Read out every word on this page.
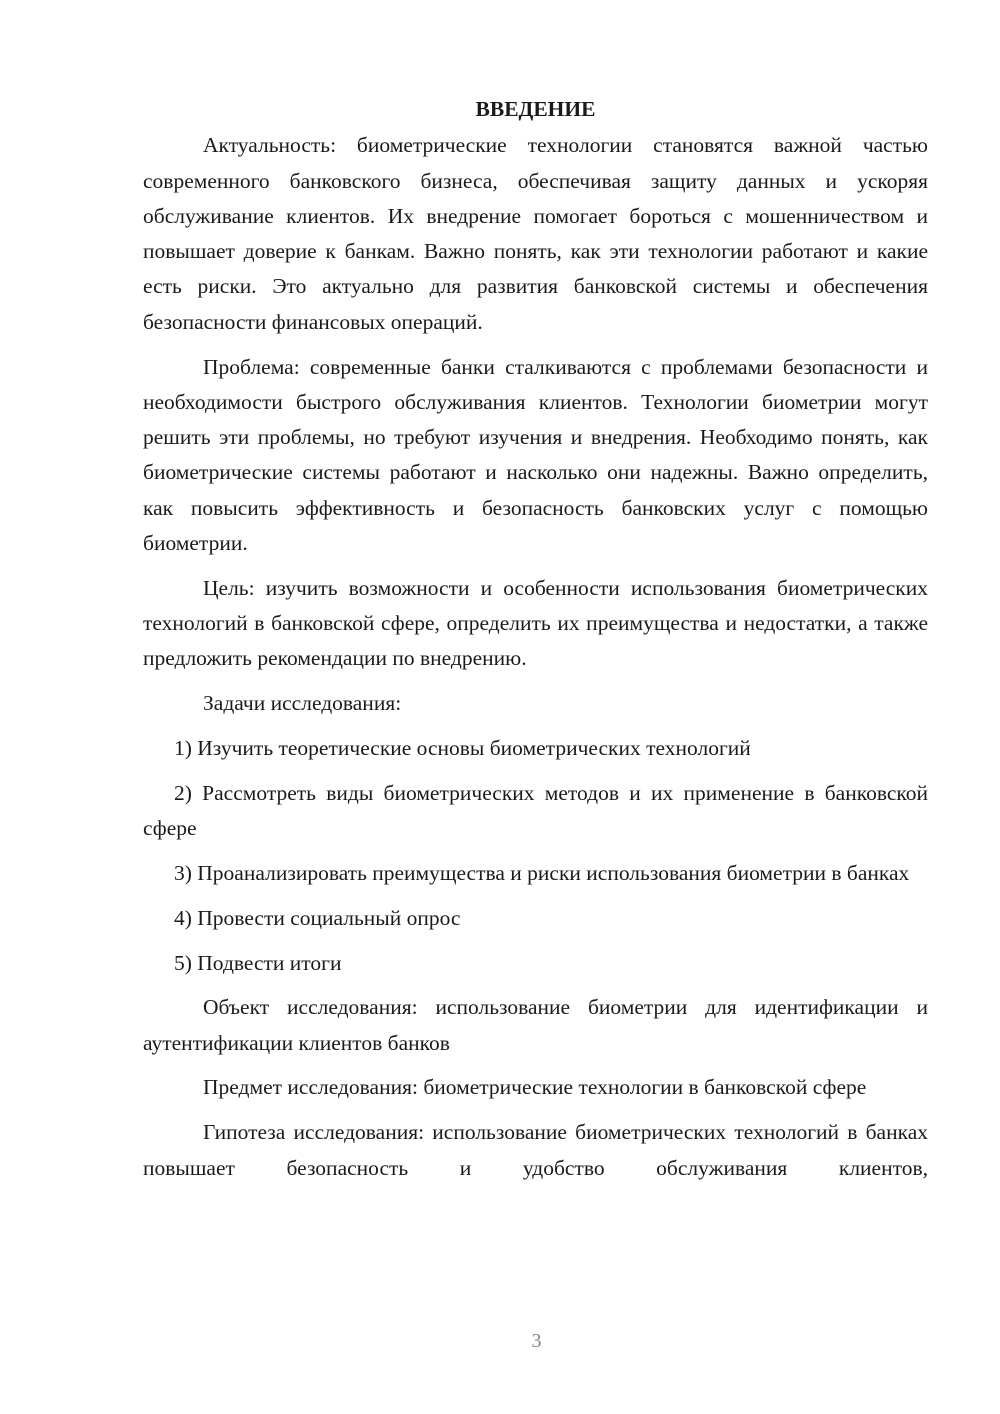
ВВЕДЕНИЕ

Актуальность: биометрические технологии становятся важной частью современного банковского бизнеса, обеспечивая защиту данных и ускоряя обслуживание клиентов. Их внедрение помогает бороться с мошенничеством и повышает доверие к банкам. Важно понять, как эти технологии работают и какие есть риски. Это актуально для развития банковской системы и обеспечения безопасности финансовых операций.

Проблема: современные банки сталкиваются с проблемами безопасности и необходимости быстрого обслуживания клиентов. Технологии биометрии могут решить эти проблемы, но требуют изучения и внедрения. Необходимо понять, как биометрические системы работают и насколько они надежны. Важно определить, как повысить эффективность и безопасность банковских услуг с помощью биометрии.

Цель: изучить возможности и особенности использования биометрических технологий в банковской сфере, определить их преимущества и недостатки, а также предложить рекомендации по внедрению.

Задачи исследования:

1) Изучить теоретические основы биометрических технологий

2) Рассмотреть виды биометрических методов и их применение в банковской сфере

3) Проанализировать преимущества и риски использования биометрии в банках

4) Провести социальный опрос

5) Подвести итоги

Объект исследования: использование биометрии для идентификации и аутентификации клиентов банков

Предмет исследования: биометрические технологии в банковской сфере

Гипотеза исследования: использование биометрических технологий в банках повышает безопасность и удобство обслуживания клиентов,

3
